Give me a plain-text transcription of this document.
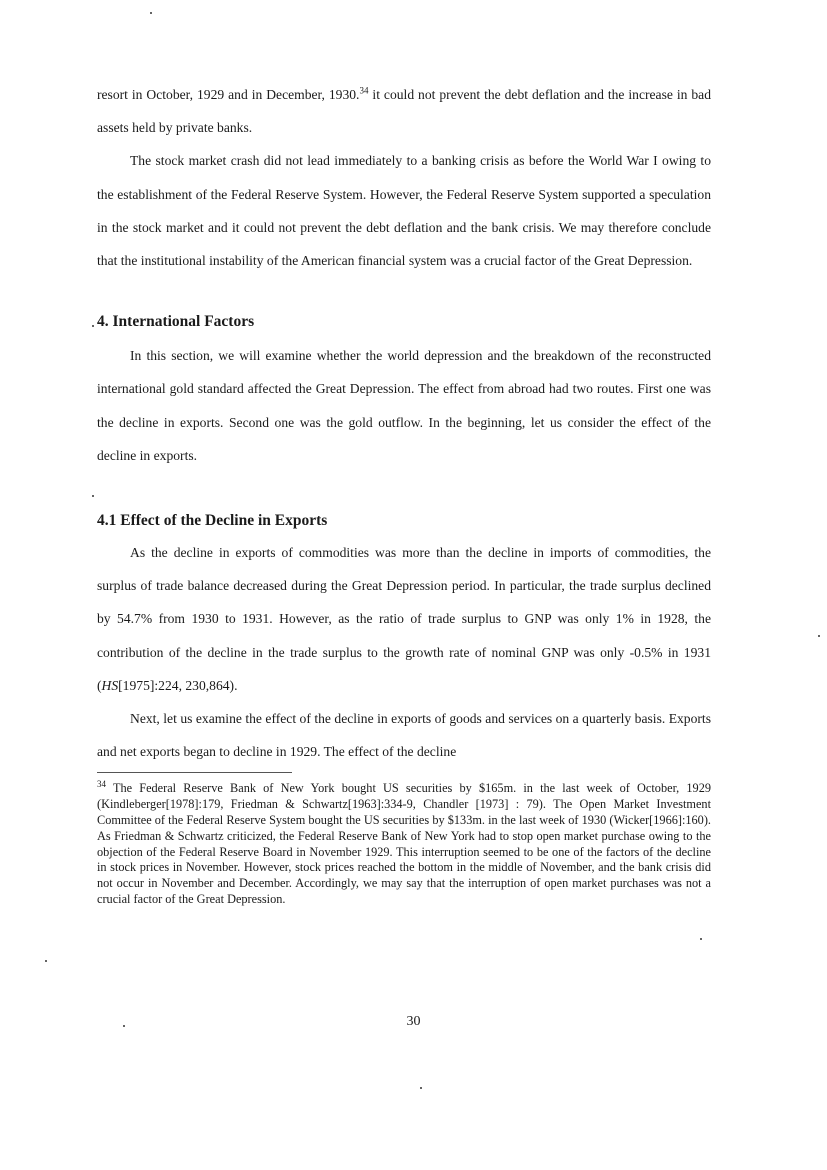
resort in October, 1929 and in December, 1930.34 it could not prevent the debt deflation and the increase in bad assets held by private banks.

The stock market crash did not lead immediately to a banking crisis as before the World War I owing to the establishment of the Federal Reserve System. However, the Federal Reserve System supported a speculation in the stock market and it could not prevent the debt deflation and the bank crisis. We may therefore conclude that the institutional instability of the American financial system was a crucial factor of the Great Depression.

4. International Factors

In this section, we will examine whether the world depression and the breakdown of the reconstructed international gold standard affected the Great Depression. The effect from abroad had two routes. First one was the decline in exports. Second one was the gold outflow. In the beginning, let us consider the effect of the decline in exports.

4.1 Effect of the Decline in Exports

As the decline in exports of commodities was more than the decline in imports of commodities, the surplus of trade balance decreased during the Great Depression period. In particular, the trade surplus declined by 54.7% from 1930 to 1931. However, as the ratio of trade surplus to GNP was only 1% in 1928, the contribution of the decline in the trade surplus to the growth rate of nominal GNP was only -0.5% in 1931 (HS[1975]:224, 230,864).

Next, let us examine the effect of the decline in exports of goods and services on a quarterly basis. Exports and net exports began to decline in 1929. The effect of the decline

$^{34}$ The Federal Reserve Bank of New York bought US securities by $165m. in the last week of October, 1929 (Kindleberger[1978]:179, Friedman & Schwartz[1963]:334-9, Chandler [1973] : 79). The Open Market Investment Committee of the Federal Reserve System bought the US securities by $133m. in the last week of 1930 (Wicker[1966]:160). As Friedman & Schwartz criticized, the Federal Reserve Bank of New York had to stop open market purchase owing to the objection of the Federal Reserve Board in November 1929. This interruption seemed to be one of the factors of the decline in stock prices in November. However, stock prices reached the bottom in the middle of November, and the bank crisis did not occur in November and December. Accordingly, we may say that the interruption of open market purchases was not a crucial factor of the Great Depression.

30
